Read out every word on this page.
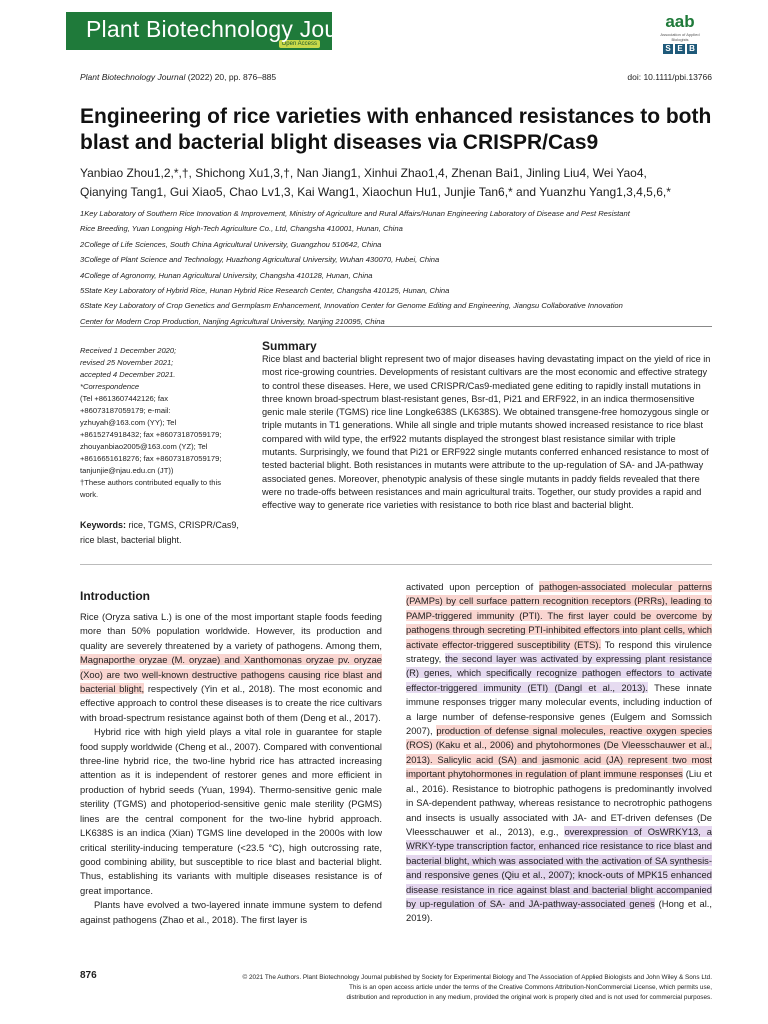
Open Access
Plant Biotechnology Journal	aab
Association of Applied Biologists
S E B
Plant Biotechnology Journal (2022) 20, pp. 876–885	doi: 10.1111/pbi.13766
Engineering of rice varieties with enhanced resistances to both blast and bacterial blight diseases via CRISPR/Cas9
Yanbiao Zhou1,2,*,†, Shichong Xu1,3,†, Nan Jiang1, Xinhui Zhao1,4, Zhenan Bai1, Jinling Liu4, Wei Yao4,
Qianying Tang1, Gui Xiao5, Chao Lv1,3, Kai Wang1, Xiaochun Hu1, Junjie Tan6,* and Yuanzhu Yang1,3,4,5,6,*
1Key Laboratory of Southern Rice Innovation & Improvement, Ministry of Agriculture and Rural Affairs/Hunan Engineering Laboratory of Disease and Pest Resistant
Rice Breeding, Yuan Longping High-Tech Agriculture Co., Ltd, Changsha 410001, Hunan, China
2College of Life Sciences, South China Agricultural University, Guangzhou 510642, China
3College of Plant Science and Technology, Huazhong Agricultural University, Wuhan 430070, Hubei, China
4College of Agronomy, Hunan Agricultural University, Changsha 410128, Hunan, China
5State Key Laboratory of Hybrid Rice, Hunan Hybrid Rice Research Center, Changsha 410125, Hunan, China
6State Key Laboratory of Crop Genetics and Germplasm Enhancement, Innovation Center for Genome Editing and Engineering, Jiangsu Collaborative Innovation
Center for Modern Crop Production, Nanjing Agricultural University, Nanjing 210095, China
Received 1 December 2020;
revised 25 November 2021;
accepted 4 December 2021.
*Correspondence
(Tel +8613607442126; fax
+86073187059179; e-mail:
yzhuyah@163.com (YY); Tel
+8615274918432; fax +86073187059179;
zhouyanbiao2005@163.com (YZ); Tel
+8616651618276; fax +86073187059179;
tanjunjie@njau.edu.cn (JT))
†These authors contributed equally to this
work.
Keywords: rice, TGMS, CRISPR/Cas9, rice blast, bacterial blight.
Summary
Rice blast and bacterial blight represent two of major diseases having devastating impact on the yield of rice in most rice-growing countries. Developments of resistant cultivars are the most economic and effective strategy to control these diseases. Here, we used CRISPR/Cas9-mediated gene editing to rapidly install mutations in three known broad-spectrum blast-resistant genes, Bsr-d1, Pi21 and ERF922, in an indica thermosensitive genic male sterile (TGMS) rice line Longke638S (LK638S). We obtained transgene-free homozygous single or triple mutants in T1 generations. While all single and triple mutants showed increased resistance to rice blast compared with wild type, the erf922 mutants displayed the strongest blast resistance similar with triple mutants. Surprisingly, we found that Pi21 or ERF922 single mutants conferred enhanced resistance to most of tested bacterial blight. Both resistances in mutants were attribute to the up-regulation of SA- and JA-pathway associated genes. Moreover, phenotypic analysis of these single mutants in paddy fields revealed that there were no trade-offs between resistances and main agricultural traits. Together, our study provides a rapid and effective way to generate rice varieties with resistance to both rice blast and bacterial blight.
Introduction

Rice (Oryza sativa L.) is one of the most important staple foods feeding more than 50% population worldwide. However, its production and quality are severely threatened by a variety of pathogens. Among them, Magnaporthe oryzae (M. oryzae) and Xanthomonas oryzae pv. oryzae (Xoo) are two well-known destructive pathogens causing rice blast and bacterial blight, respectively (Yin et al., 2018). The most economic and effective approach to control these diseases is to create the rice cultivars with broad-spectrum resistance against both of them (Deng et al., 2017).

Hybrid rice with high yield plays a vital role in guarantee for staple food supply worldwide (Cheng et al., 2007). Compared with conventional three-line hybrid rice, the two-line hybrid rice has attracted increasing attention as it is independent of restorer genes and more efficient in production of hybrid seeds (Yuan, 1994). Thermo-sensitive genic male sterility (TGMS) and photoperiod-sensitive genic male sterility (PGMS) lines are the central component for the two-line hybrid approach. LK638S is an indica (Xian) TGMS line developed in the 2000s with low critical sterility-inducing temperature (<23.5 °C), high outcrossing rate, good combining ability, but susceptible to rice blast and bacterial blight. Thus, establishing its variants with multiple diseases resistance is of great importance.

Plants have evolved a two-layered innate immune system to defend against pathogens (Zhao et al., 2018). The first layer is

activated upon perception of pathogen-associated molecular patterns (PAMPs) by cell surface pattern recognition receptors (PRRs), leading to PAMP-triggered immunity (PTI). The first layer could be overcome by pathogens through secreting PTI-inhibited effectors into plant cells, which activate effector-triggered susceptibility (ETS). To respond this virulence strategy, the second layer was activated by expressing plant resistance (R) genes, which specifically recognize pathogen effectors to activate effector-triggered immunity (ETI) (Dangl et al., 2013). These innate immune responses trigger many molecular events, including induction of a large number of defense-responsive genes (Eulgem and Somssich 2007), production of defense signal molecules, reactive oxygen species (ROS) (Kaku et al., 2006) and phytohormones (De Vleesschauwer et al., 2013). Salicylic acid (SA) and jasmonic acid (JA) represent two most important phytohormones in regulation of plant immune responses (Liu et al., 2016). Resistance to biotrophic pathogens is predominantly involved in SA-dependent pathway, whereas resistance to necrotrophic pathogens and insects is usually associated with JA- and ET-driven defenses (De Vleesschauwer et al., 2013), e.g., overexpression of OsWRKY13, a WRKY-type transcription factor, enhanced rice resistance to rice blast and bacterial blight, which was associated with the activation of SA synthesis- and responsive genes (Qiu et al., 2007); knock-outs of MPK15 enhanced disease resistance in rice against blast and bacterial blight accompanied by up-regulation of SA- and JA-pathway-associated genes (Hong et al., 2019).

876	© 2021 The Authors. Plant Biotechnology Journal published by Society for Experimental Biology and The Association of Applied Biologists and John Wiley & Sons Ltd.
This is an open access article under the terms of the Creative Commons Attribution-NonCommercial License, which permits use,
distribution and reproduction in any medium, provided the original work is properly cited and is not used for commercial purposes.
